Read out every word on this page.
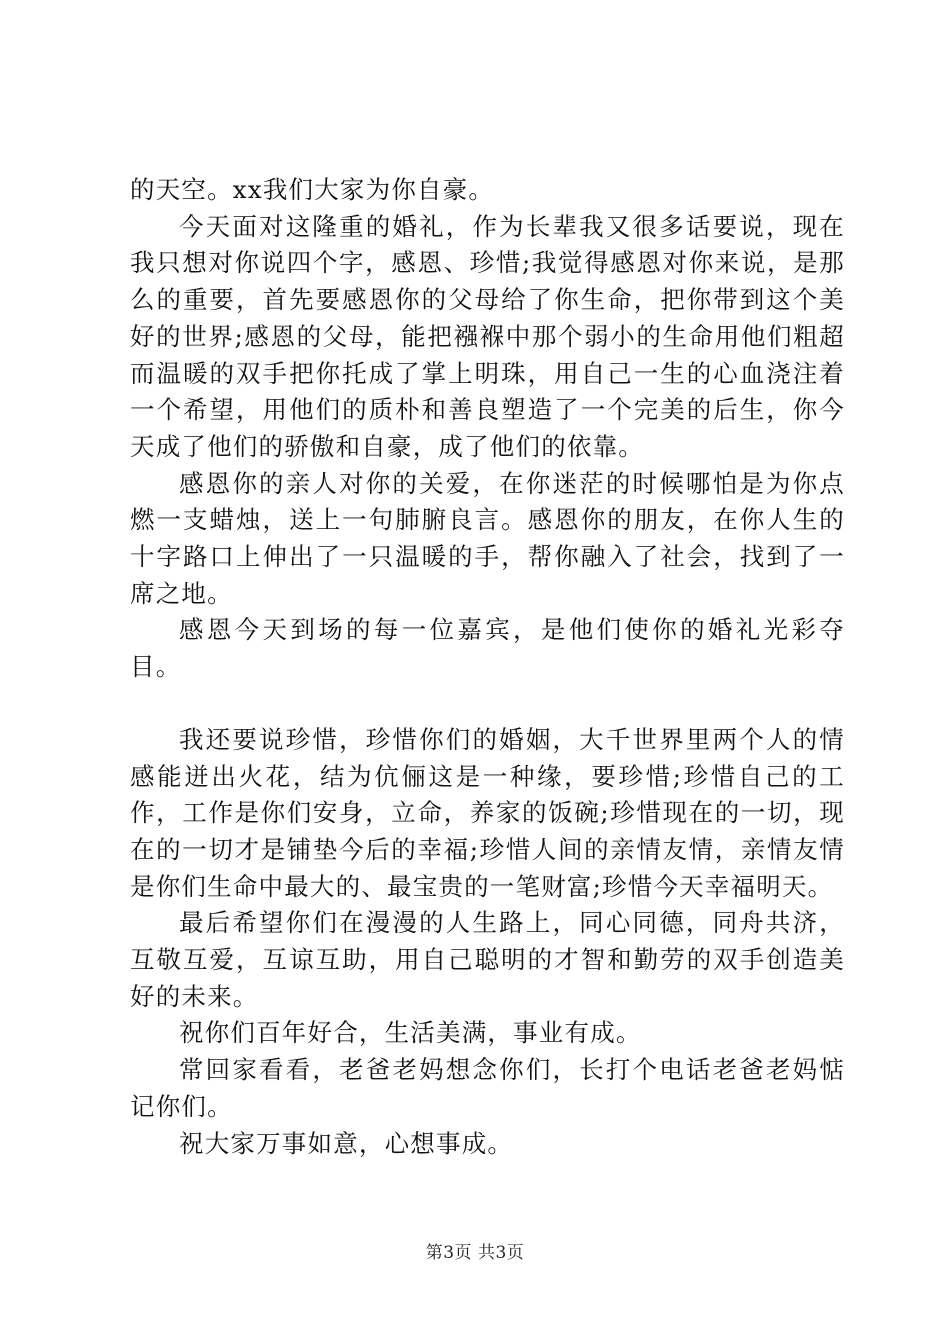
的天空。xx我们大家为你自豪。

今天面对这隆重的婚礼，作为长辈我又很多话要说，现在我只想对你说四个字，感恩、珍惜;我觉得感恩对你来说，是那么的重要，首先要感恩你的父母给了你生命，把你带到这个美好的世界;感恩的父母，能把襁褓中那个弱小的生命用他们粗超而温暖的双手把你托成了掌上明珠，用自己一生的心血浇注着一个希望，用他们的质朴和善良塑造了一个完美的后生，你今天成了他们的骄傲和自豪，成了他们的依靠。

感恩你的亲人对你的关爱，在你迷茫的时候哪怕是为你点燃一支蜡烛，送上一句肺腑良言。感恩你的朋友，在你人生的十字路口上伸出了一只温暖的手，帮你融入了社会，找到了一席之地。

感恩今天到场的每一位嘉宾，是他们使你的婚礼光彩夺目。

我还要说珍惜，珍惜你们的婚姻，大千世界里两个人的情感能迸出火花，结为伉俪这是一种缘，要珍惜;珍惜自己的工作，工作是你们安身，立命，养家的饭碗;珍惜现在的一切，现在的一切才是铺垫今后的幸福;珍惜人间的亲情友情，亲情友情是你们生命中最大的、最宝贵的一笔财富;珍惜今天幸福明天。

最后希望你们在漫漫的人生路上，同心同德，同舟共济，互敬互爱，互谅互助，用自己聪明的才智和勤劳的双手创造美好的未来。

祝你们百年好合，生活美满，事业有成。

常回家看看，老爸老妈想念你们，长打个电话老爸老妈惦记你们。

祝大家万事如意，心想事成。

第3页 共3页
